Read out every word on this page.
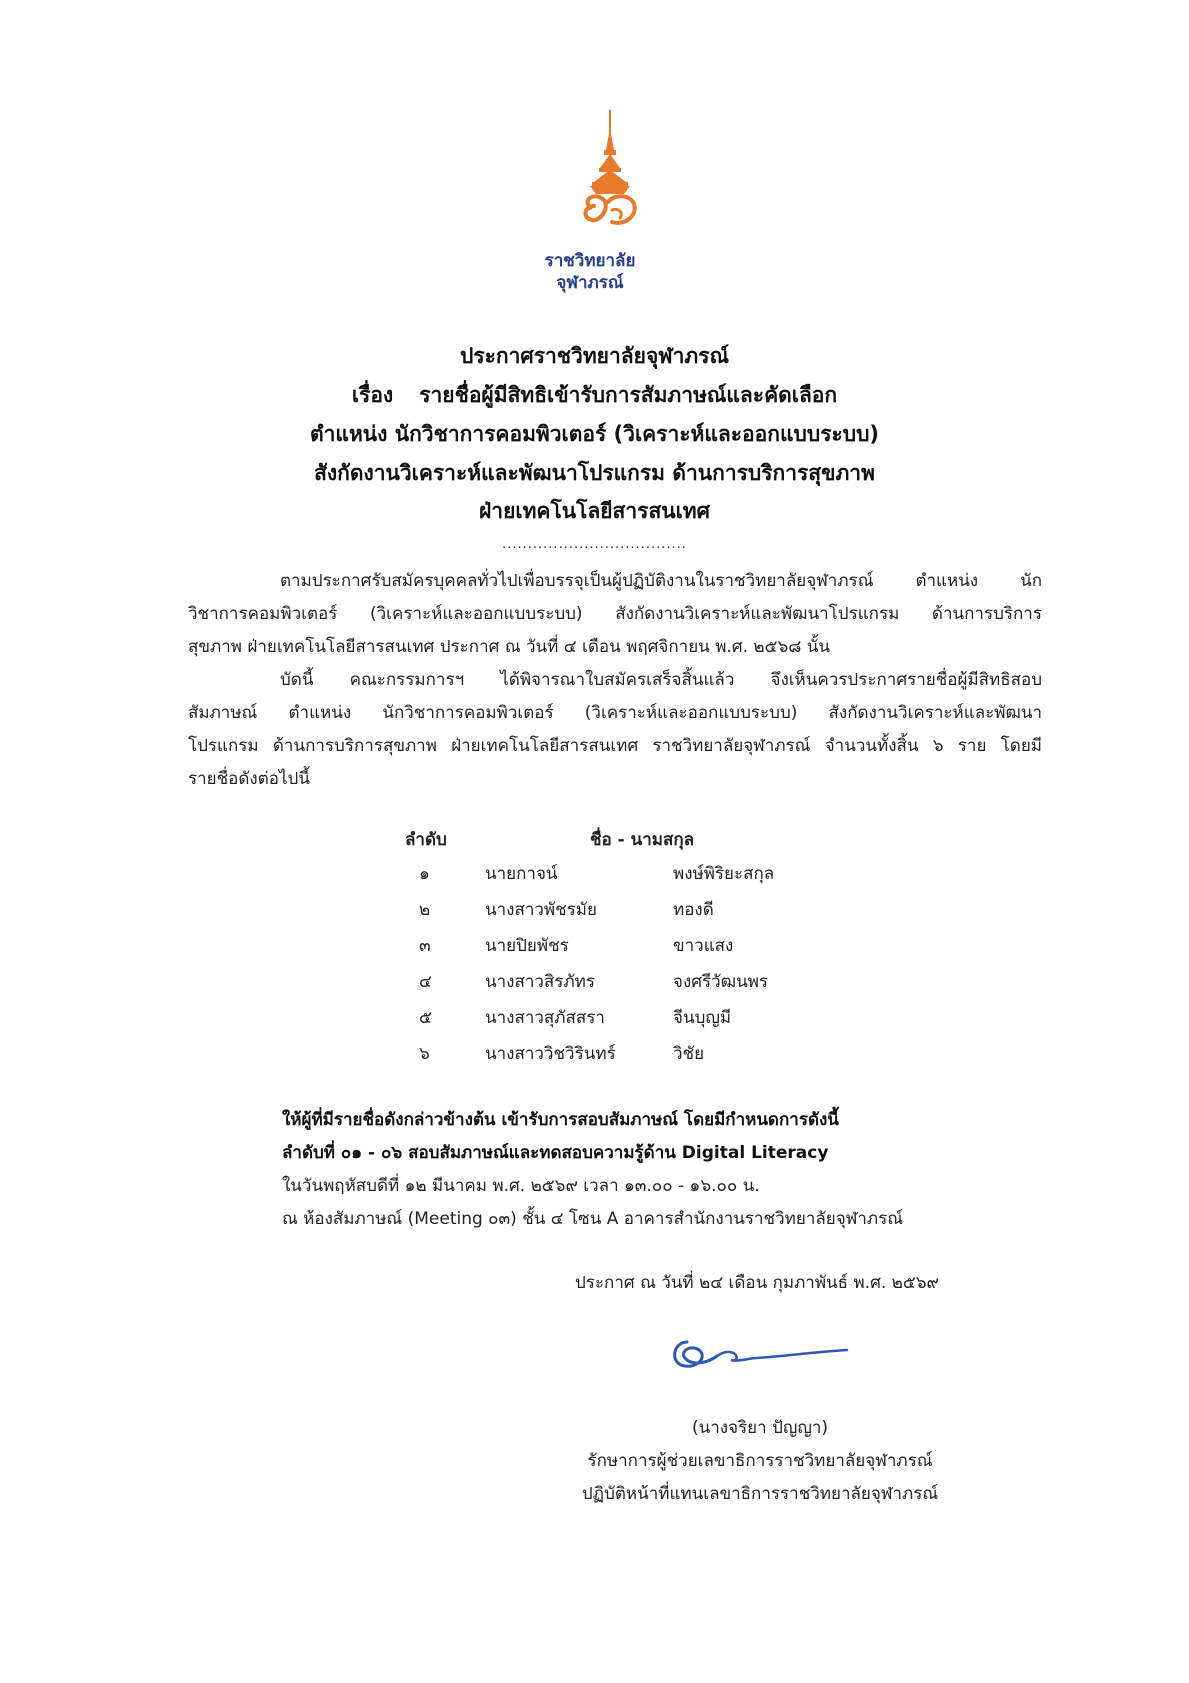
ราชวิทยาลัย
จุฬาภรณ์
ประกาศราชวิทยาลัยจุฬาภรณ์
เรื่อง รายชื่อผู้มีสิทธิเข้ารับการสัมภาษณ์และคัดเลือก
ตำแหน่ง นักวิชาการคอมพิวเตอร์ (วิเคราะห์และออกแบบระบบ)
สังกัดงานวิเคราะห์และพัฒนาโปรแกรม ด้านการบริการสุขภาพ
ฝ่ายเทคโนโลยีสารสนเทศ
....................................
ตามประกาศรับสมัครบุคคลทั่วไปเพื่อบรรจุเป็นผู้ปฏิบัติงานในราชวิทยาลัยจุฬาภรณ์ ตำแหน่ง นัก
วิชาการคอมพิวเตอร์ (วิเคราะห์และออกแบบระบบ) สังกัดงานวิเคราะห์และพัฒนาโปรแกรม ด้านการบริการ
สุขภาพ ฝ่ายเทคโนโลยีสารสนเทศ ประกาศ ณ วันที่ ๔ เดือน พฤศจิกายน พ.ศ. ๒๕๖๘ นั้น
บัดนี้ คณะกรรมการฯ ได้พิจารณาใบสมัครเสร็จสิ้นแล้ว จึงเห็นควรประกาศรายชื่อผู้มีสิทธิสอบ
สัมภาษณ์ ตำแหน่ง นักวิชาการคอมพิวเตอร์ (วิเคราะห์และออกแบบระบบ) สังกัดงานวิเคราะห์และพัฒนา
โปรแกรม ด้านการบริการสุขภาพ ฝ่ายเทคโนโลยีสารสนเทศ ราชวิทยาลัยจุฬาภรณ์ จำนวนทั้งสิ้น ๖ ราย โดยมี
รายชื่อดังต่อไปนี้
ลำดับ	ชื่อ - นามสกุล
๑	นายกาจน์	พงษ์พิริยะสกุล
๒	นางสาวพัชรมัย	ทองดี
๓	นายปิยพัชร	ขาวแสง
๔	นางสาวสิรภัทร	จงศรีวัฒนพร
๕	นางสาวสุภัสสรา	จีนบุญมี
๖	นางสาววิชวิรินทร์	วิชัย
ให้ผู้ที่มีรายชื่อดังกล่าวข้างต้น เข้ารับการสอบสัมภาษณ์ โดยมีกำหนดการดังนี้
ลำดับที่ ๐๑ - ๐๖ สอบสัมภาษณ์และทดสอบความรู้ด้าน Digital Literacy
ในวันพฤหัสบดีที่ ๑๒ มีนาคม พ.ศ. ๒๕๖๙ เวลา ๑๓.๐๐ - ๑๖.๐๐ น.
ณ ห้องสัมภาษณ์ (Meeting ๐๓) ชั้น ๔ โซน A อาคารสำนักงานราชวิทยาลัยจุฬาภรณ์
ประกาศ ณ วันที่ ๒๔ เดือน กุมภาพันธ์ พ.ศ. ๒๕๖๙
(นางจริยา ปัญญา)
รักษาการผู้ช่วยเลขาธิการราชวิทยาลัยจุฬาภรณ์
ปฏิบัติหน้าที่แทนเลขาธิการราชวิทยาลัยจุฬาภรณ์
